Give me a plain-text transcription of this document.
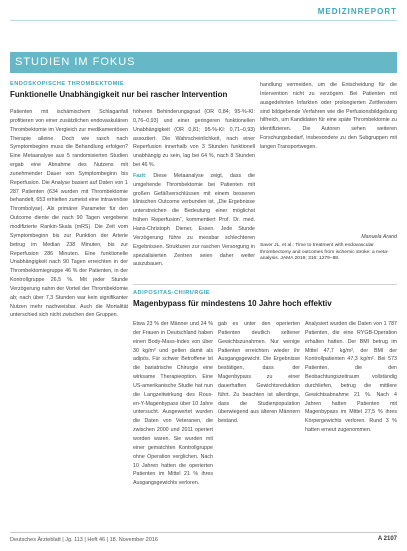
MEDIZINREPORT
STUDIEN IM FOKUS
ENDOSKOPISCHE THROMBEKTOMIE
Funktionelle Unabhängigkeit nur bei rascher Intervention

Patienten mit ischämischem Schlaganfall profitieren von einer zusätzlichen endovaskulären Thrombektomie im Vergleich zur medikamentösen Therapie alleine. Doch wie rasch nach Symptombeginn muss die Behandlung erfolgen? Eine Metaanalyse aus 5 randomisierten Studien ergab eine Abnahme des Nutzens mit zunehmender Dauer von Symptombeginn bis Reperfusion. Die Analyse basiert auf Daten von 1 287 Patienten (634 wurden mit Thrombektomie behandelt, 653 erhielten zumeist eine intravenöse Thrombolyse). Als primärer Parameter für den Outcome diente die nach 90 Tagen vergebene modifizierte Rankin-Skala (mRS). Die Zeit vom Symptombeginn bis zur Punktion der Arterie betrug im Median 238 Minuten, bis zur Reperfusion 286 Minuten. Eine funktionelle Unabhängigkeit nach 90 Tagen erreichten in der Thrombektomiegruppe 46 % der Patienten, in der Kontrollgruppe 26,5 %. Mit jeder Stunde Verzögerung nahm der Vorteil der Thrombektomie ab; nach über 7,3 Stunden war kein signifikanter Nutzen mehr nachweisbar. Auch die Mortalität unterschied sich nicht zwischen den Gruppen.

höheren Behinderungsgrad (OR 0,84; 95-%-KI: 0,76–0,93) und einer geringeren funktionellen Unabhängigkeit (OR 0,81; 95-%-KI: 0,71–0,93) assoziiert. Die Wahrscheinlichkeit, nach einer Reperfusion innerhalb von 3 Stunden funktionell unabhängig zu sein, lag bei 64 %, nach 8 Stunden bei 46 %.

Fazit: Diese Metaanalyse zeigt, dass die umgehende Thrombektomie bei Patienten mit großen Gefäßverschlüssen mit einem besseren klinischen Outcome verbunden ist. „Die Ergebnisse unterstreichen die Bedeutung einer möglichst frühen Reperfusion“, kommentiert Prof. Dr. med. Hans-Christoph Diener, Essen. Jede Stunde Verzögerung führe zu messbar schlechteren Ergebnissen. Strukturen zur raschen Versorgung in spezialisierten Zentren seien daher weiter auszubauen.

handlung vermeiden, um die Entscheidung für die Intervention nicht zu verzögern. Bei Patienten mit ausgedehnten Infarkten oder prolongierten Zeitfenstern sind bildgebende Verfahren wie die Perfusionsbildgebung hilfreich, um Kandidaten für eine späte Thrombektomie zu identifizieren. Die Autoren sehen weiteren Forschungsbedarf, insbesondere zu den Subgruppen mit langen Transportwegen.

Manuela Arand

Saver JL, et al.: Time to treatment with endovascular thrombectomy and outcomes from ischemic stroke: a meta-analysis. JAMA 2016; 316: 1279–88.

ADIPOSITAS-CHIRURGIE
Magenbypass für mindestens 10 Jahre hoch effektiv

Etwa 23 % der Männer und 24 % der Frauen in Deutschland haben einen Body-Mass-Index von über 30 kg/m² und gelten damit als adipös. Für schwer Betroffene ist die bariatrische Chirurgie eine wirksame Therapieoption. Eine US-amerikanische Studie hat nun die Langzeitwirkung des Roux-en-Y-Magenbypass über 10 Jahre untersucht. Ausgewertet wurden die Daten von Veteranen, die zwischen 2000 und 2011 operiert worden waren. Sie wurden mit einer gematchten Kontrollgruppe ohne Operation verglichen. Nach 10 Jahren hatten die operierten Patienten im Mittel 21 % ihres Ausgangsgewichts verloren.

gab es unter den operierten Patienten deutlich seltener Gewichtszunahmen. Nur wenige Patienten erreichten wieder ihr Ausgangsgewicht. Die Ergebnisse bestätigen, dass der Magenbypass zu einer dauerhaften Gewichtsreduktion führt. Zu beachten ist allerdings, dass die Studienpopulation überwiegend aus älteren Männern bestand.

Analysiert wurden die Daten von 1 787 Patienten, die eine RYGB-Operation erhalten hatten. Der BMI betrug im Mittel 47,7 kg/m², der BMI der Kontrollpatienten 47,3 kg/m². Bei 573 Patienten, die den Beobachtungszeitraum vollständig durchliefen, betrug die mittlere Gewichtsabnahme 21 %. Nach 4 Jahren hatten Patienten mit Magenbypass im Mittel 27,5 % ihres Körpergewichts verloren. Rund 3 % hatten erneut zugenommen.

Deutsches Ärzteblatt | Jg. 113 | Heft 46 | 18. November 2016	A 2107
